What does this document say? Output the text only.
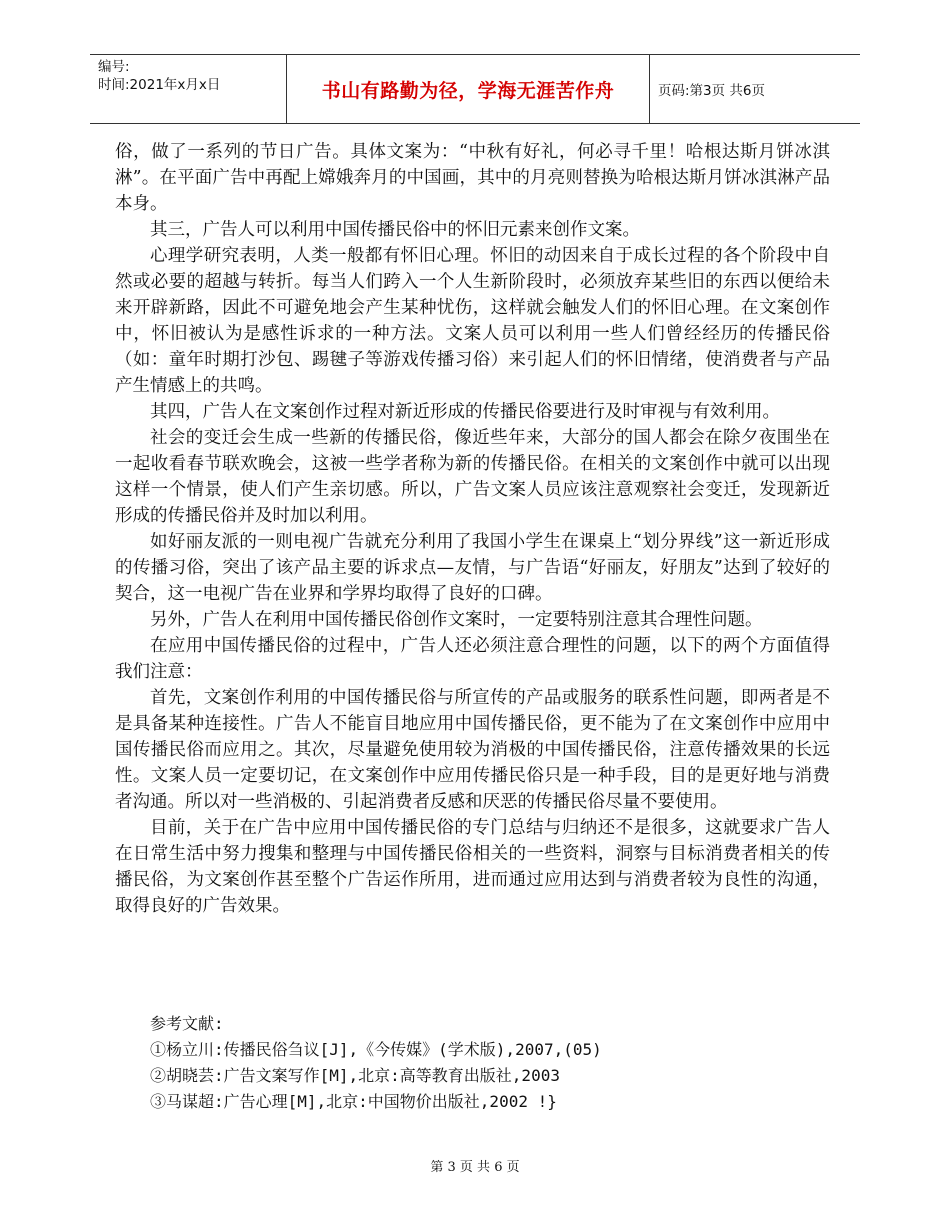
编号:
时间:2021年x月x日	书山有路勤为径，学海无涯苦作舟	页码:第3页 共6页

俗，做了一系列的节日广告。具体文案为：“中秋有好礼，何必寻千里！哈根达斯月饼冰淇淋”。在平面广告中再配上嫦娥奔月的中国画，其中的月亮则替换为哈根达斯月饼冰淇淋产品本身。

其三，广告人可以利用中国传播民俗中的怀旧元素来创作文案。

心理学研究表明，人类一般都有怀旧心理。怀旧的动因来自于成长过程的各个阶段中自然或必要的超越与转折。每当人们跨入一个人生新阶段时，必须放弃某些旧的东西以便给未来开辟新路，因此不可避免地会产生某种忧伤，这样就会触发人们的怀旧心理。在文案创作中，怀旧被认为是感性诉求的一种方法。文案人员可以利用一些人们曾经经历的传播民俗（如：童年时期打沙包、踢毽子等游戏传播习俗）来引起人们的怀旧情绪，使消费者与产品产生情感上的共鸣。

其四，广告人在文案创作过程对新近形成的传播民俗要进行及时审视与有效利用。

社会的变迁会生成一些新的传播民俗，像近些年来，大部分的国人都会在除夕夜围坐在一起收看春节联欢晚会，这被一些学者称为新的传播民俗。在相关的文案创作中就可以出现这样一个情景，使人们产生亲切感。所以，广告文案人员应该注意观察社会变迁，发现新近形成的传播民俗并及时加以利用。

如好丽友派的一则电视广告就充分利用了我国小学生在课桌上“划分界线”这一新近形成的传播习俗，突出了该产品主要的诉求点—友情，与广告语“好丽友，好朋友”达到了较好的契合，这一电视广告在业界和学界均取得了良好的口碑。

另外，广告人在利用中国传播民俗创作文案时，一定要特别注意其合理性问题。

在应用中国传播民俗的过程中，广告人还必须注意合理性的问题，以下的两个方面值得我们注意：

首先，文案创作利用的中国传播民俗与所宣传的产品或服务的联系性问题，即两者是不是具备某种连接性。广告人不能盲目地应用中国传播民俗，更不能为了在文案创作中应用中国传播民俗而应用之。其次，尽量避免使用较为消极的中国传播民俗，注意传播效果的长远性。文案人员一定要切记，在文案创作中应用传播民俗只是一种手段，目的是更好地与消费者沟通。所以对一些消极的、引起消费者反感和厌恶的传播民俗尽量不要使用。

目前，关于在广告中应用中国传播民俗的专门总结与归纳还不是很多，这就要求广告人在日常生活中努力搜集和整理与中国传播民俗相关的一些资料，洞察与目标消费者相关的传播民俗，为文案创作甚至整个广告运作所用，进而通过应用达到与消费者较为良性的沟通，取得良好的广告效果。

参考文献:
①杨立川:传播民俗刍议[J],《今传媒》(学术版),2007,(05)
②胡晓芸:广告文案写作[M],北京:高等教育出版社,2003
③马谋超:广告心理[M],北京:中国物价出版社,2002 !}
第 3 页 共 6 页
